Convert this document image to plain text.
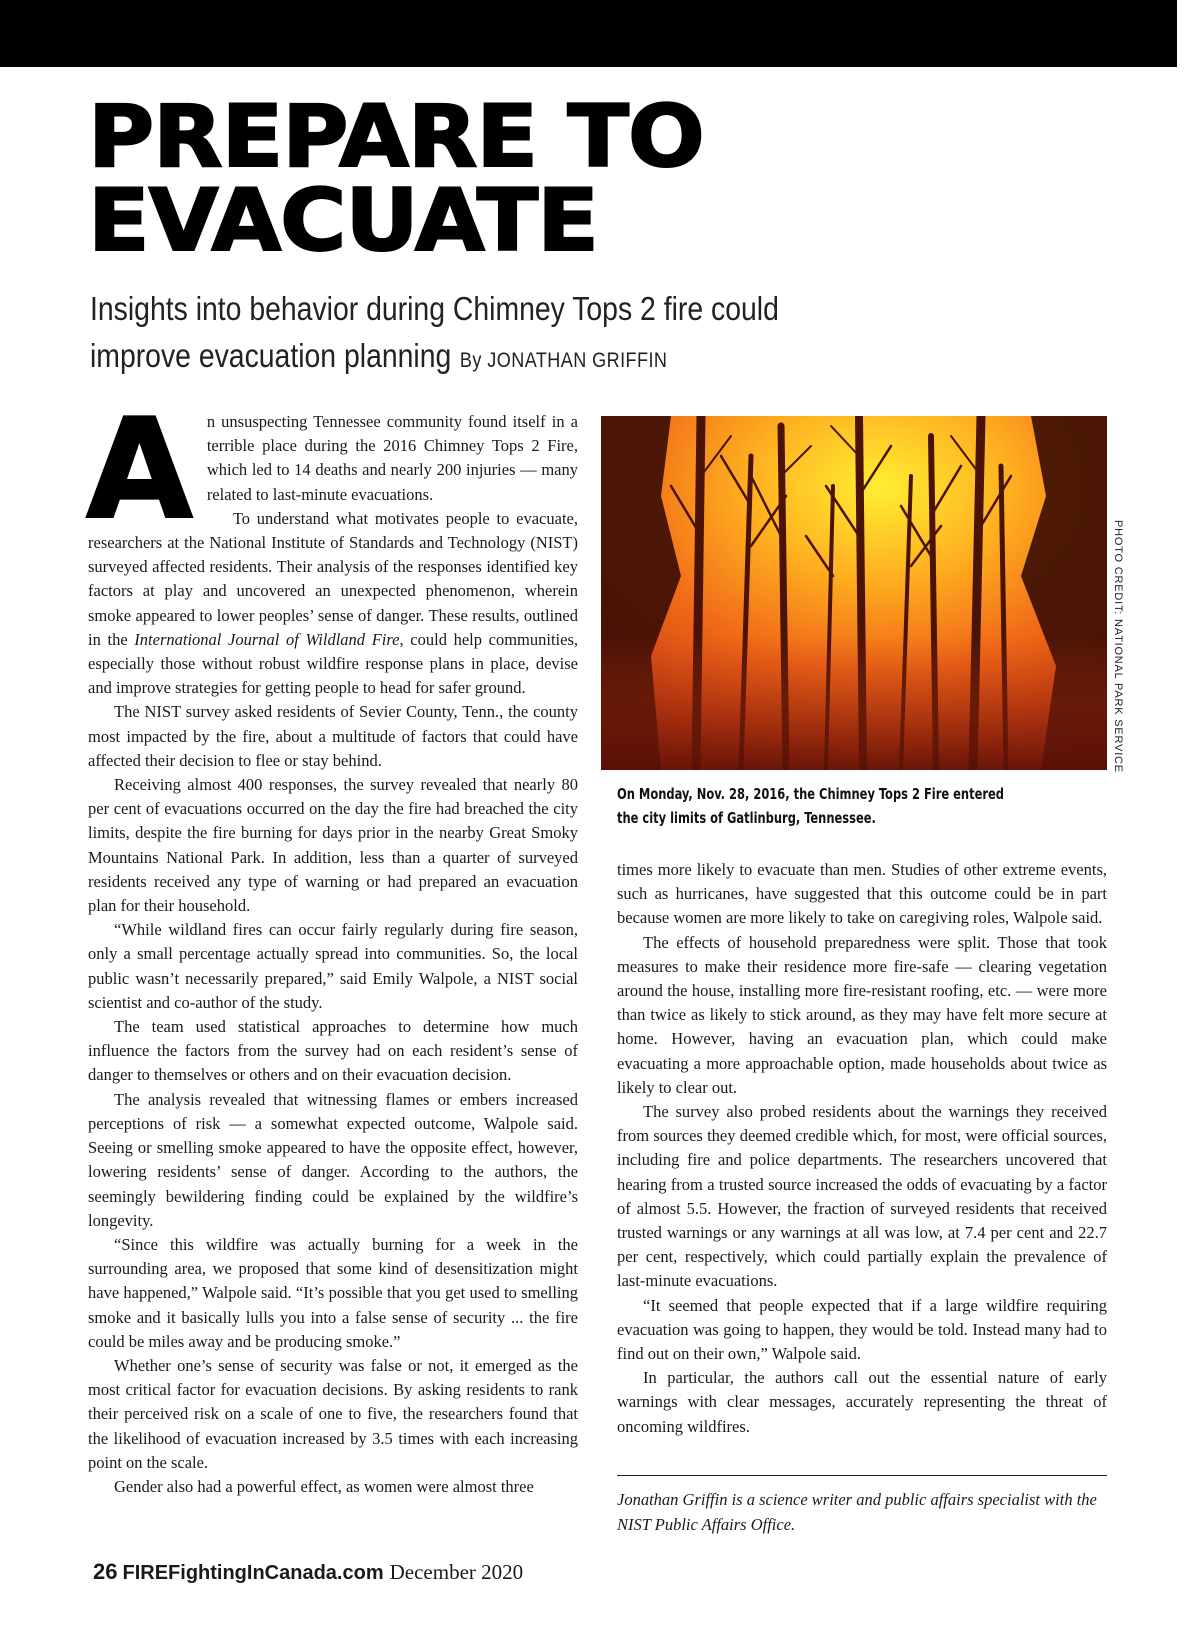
PREPARE TO
EVACUATE
Insights into behavior during Chimney Tops 2 fire could improve evacuation planning By JONATHAN GRIFFIN

An unsuspecting Tennessee community found itself in a terrible place during the 2016 Chimney Tops 2 Fire, which led to 14 deaths and nearly 200 injuries — many related to last-minute evacuations.

To understand what motivates people to evacuate, researchers at the National Institute of Standards and Technology (NIST) surveyed affected residents. Their analysis of the responses identified key factors at play and uncovered an unexpected phenomenon, wherein smoke appeared to lower peoples’ sense of danger. These results, outlined in the International Journal of Wildland Fire, could help communities, especially those without robust wildfire response plans in place, devise and improve strategies for getting people to head for safer ground.

The NIST survey asked residents of Sevier County, Tenn., the county most impacted by the fire, about a multitude of factors that could have affected their decision to flee or stay behind.

Receiving almost 400 responses, the survey revealed that nearly 80 per cent of evacuations occurred on the day the fire had breached the city limits, despite the fire burning for days prior in the nearby Great Smoky Mountains National Park. In addition, less than a quarter of surveyed residents received any type of warning or had prepared an evacuation plan for their household.

“While wildland fires can occur fairly regularly during fire season, only a small percentage actually spread into communities. So, the local public wasn’t necessarily prepared,” said Emily Walpole, a NIST social scientist and co-author of the study.

The team used statistical approaches to determine how much influence the factors from the survey had on each resident’s sense of danger to themselves or others and on their evacuation decision.

The analysis revealed that witnessing flames or embers increased perceptions of risk — a somewhat expected outcome, Walpole said. Seeing or smelling smoke appeared to have the opposite effect, however, lowering residents’ sense of danger. According to the authors, the seemingly bewildering finding could be explained by the wildfire’s longevity.

“Since this wildfire was actually burning for a week in the surrounding area, we proposed that some kind of desensitization might have happened,” Walpole said. “It’s possible that you get used to smelling smoke and it basically lulls you into a false sense of security ... the fire could be miles away and be producing smoke.”

Whether one’s sense of security was false or not, it emerged as the most critical factor for evacuation decisions. By asking residents to rank their perceived risk on a scale of one to five, the researchers found that the likelihood of evacuation increased by 3.5 times with each increasing point on the scale.

Gender also had a powerful effect, as women were almost three

PHOTO CREDIT: NATIONAL PARK SERVICE
On Monday, Nov. 28, 2016, the Chimney Tops 2 Fire entered the city limits of Gatlinburg, Tennessee.

times more likely to evacuate than men. Studies of other extreme events, such as hurricanes, have suggested that this outcome could be in part because women are more likely to take on caregiving roles, Walpole said.

The effects of household preparedness were split. Those that took measures to make their residence more fire-safe — clearing vegetation around the house, installing more fire-resistant roofing, etc. — were more than twice as likely to stick around, as they may have felt more secure at home. However, having an evacuation plan, which could make evacuating a more approachable option, made households about twice as likely to clear out.

The survey also probed residents about the warnings they received from sources they deemed credible which, for most, were official sources, including fire and police departments. The researchers uncovered that hearing from a trusted source increased the odds of evacuating by a factor of almost 5.5. However, the fraction of surveyed residents that received trusted warnings or any warnings at all was low, at 7.4 per cent and 22.7 per cent, respectively, which could partially explain the prevalence of last-minute evacuations.

“It seemed that people expected that if a large wildfire requiring evacuation was going to happen, they would be told. Instead many had to find out on their own,” Walpole said.

In particular, the authors call out the essential nature of early warnings with clear messages, accurately representing the threat of oncoming wildfires.

Jonathan Griffin is a science writer and public affairs specialist with the NIST Public Affairs Office.
26 FIREFightingInCanada.com December 2020
